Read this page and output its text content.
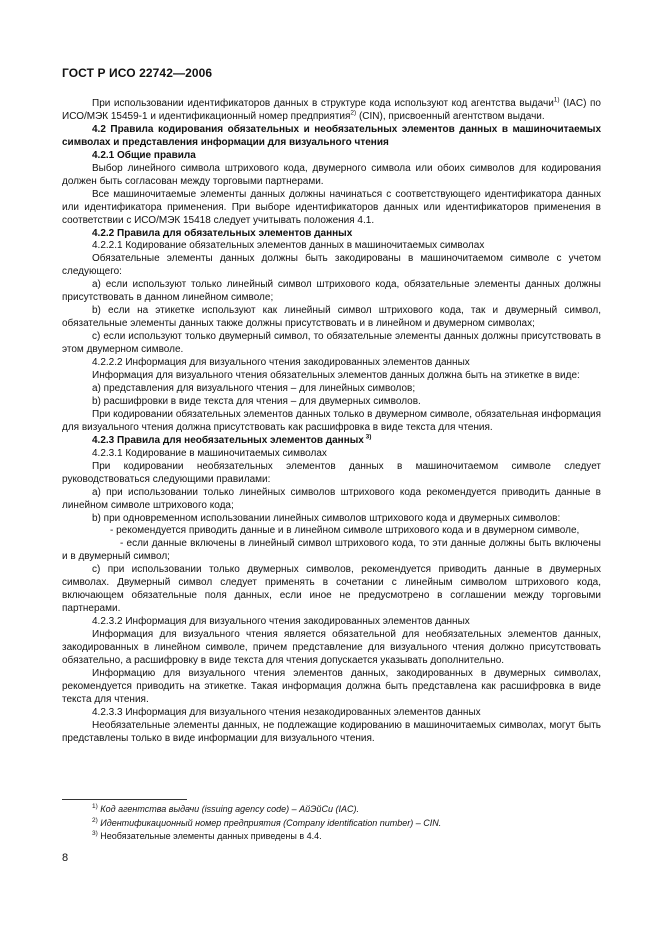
ГОСТ Р ИСО 22742—2006

При использовании идентификаторов данных в структуре кода используют код агентства выдачи$^{1)}$ (IAC) по ИСО/МЭК 15459-1 и идентификационный номер предприятия$^{2)}$ (CIN), присвоенный агентством выдачи.

4.2 Правила кодирования обязательных и необязательных элементов данных в машиночитаемых символах и представления информации для визуального чтения

4.2.1 Общие правила

Выбор линейного символа штрихового кода, двумерного символа или обоих символов для кодирования должен быть согласован между торговыми партнерами.

Все машиночитаемые элементы данных должны начинаться с соответствующего идентификатора данных или идентификатора применения. При выборе идентификаторов данных или идентификаторов применения в соответствии с ИСО/МЭК 15418 следует учитывать положения 4.1.

4.2.2 Правила для обязательных элементов данных

4.2.2.1 Кодирование обязательных элементов данных в машиночитаемых символах

Обязательные элементы данных должны быть закодированы в машиночитаемом символе с учетом следующего:

а) если используют только линейный символ штрихового кода, обязательные элементы данных должны присутствовать в данном линейном символе;

b) если на этикетке используют как линейный символ штрихового кода, так и двумерный символ, обязательные элементы данных также должны присутствовать и в линейном и двумерном символах;

с) если используют только двумерный символ, то обязательные элементы данных должны присутствовать в этом двумерном символе.

4.2.2.2 Информация для визуального чтения закодированных элементов данных

Информация для визуального чтения обязательных элементов данных должна быть на этикетке в виде:

а) представления для визуального чтения – для линейных символов;

b) расшифровки в виде текста для чтения – для двумерных символов.

При кодировании обязательных элементов данных только в двумерном символе, обязательная информация для визуального чтения должна присутствовать как расшифровка в виде текста для чтения.

4.2.3 Правила для необязательных элементов данных $^{3)}$

4.2.3.1 Кодирование в машиночитаемых символах

При кодировании необязательных элементов данных в машиночитаемом символе следует руководствоваться следующими правилами:

а) при использовании только линейных символов штрихового кода рекомендуется приводить данные в линейном символе штрихового кода;

b) при одновременном использовании линейных символов штрихового кода и двумерных символов:

- рекомендуется приводить данные и в линейном символе штрихового кода и в двумерном символе,

- если данные включены в линейный символ штрихового кода, то эти данные должны быть включены и в двумерный символ;

с) при использовании только двумерных символов, рекомендуется приводить данные в двумерных символах. Двумерный символ следует применять в сочетании с линейным символом штрихового кода, включающем обязательные поля данных, если иное не предусмотрено в соглашении между торговыми партнерами.

4.2.3.2 Информация для визуального чтения закодированных элементов данных

Информация для визуального чтения является обязательной для необязательных элементов данных, закодированных в линейном символе, причем представление для визуального чтения должно присутствовать обязательно, а расшифровку в виде текста для чтения допускается указывать дополнительно.

Информацию для визуального чтения элементов данных, закодированных в двумерных символах, рекомендуется приводить на этикетке. Такая информация должна быть представлена как расшифровка в виде текста для чтения.

4.2.3.3 Информация для визуального чтения незакодированных элементов данных

Необязательные элементы данных, не подлежащие кодированию в машиночитаемых символах, могут быть представлены только в виде информации для визуального чтения.

$^{1)}$ Код агентства выдачи (issuing agency code) – АйЭйСи (IAC).
$^{2)}$ Идентификационный номер предприятия (Company identification number) – CIN.
$^{3)}$ Необязательные элементы данных приведены в 4.4.
8
